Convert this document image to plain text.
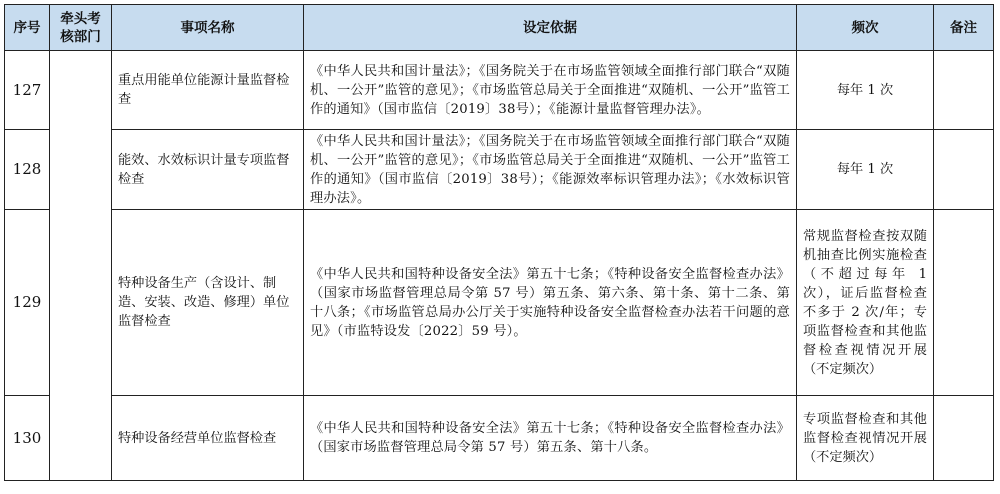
序号	牵头考核部门	事项名称	设定依据	频次	备注
127		重点用能单位能源计量监督检查	《中华人民共和国计量法》；《国务院关于在市场监管领域全面推行部门联合“双随机、一公开”监管的意见》；《市场监管总局关于全面推进“双随机、一公开”监管工作的通知》（国市监信〔2019〕38号）；《能源计量监督管理办法》。	每年 1 次	
128		能效、水效标识计量专项监督检查	《中华人民共和国计量法》；《国务院关于在市场监管领域全面推行部门联合“双随机、一公开”监管的意见》；《市场监管总局关于全面推进“双随机、一公开”监管工作的通知》（国市监信〔2019〕38号）；《能源效率标识管理办法》；《水效标识管理办法》。	每年 1 次	
129		特种设备生产（含设计、制造、安装、改造、修理）单位监督检查	《中华人民共和国特种设备安全法》第五十七条；《特种设备安全监督检查办法》（国家市场监督管理总局令第 57 号）第五条、第六条、第十条、第十二条、第十八条；《市场监管总局办公厅关于实施特种设备安全监督检查办法若干问题的意见》（市监特设发〔2022〕59 号）。	常规监督检查按双随机抽查比例实施检查（不超过每年 1 次），证后监督检查不多于 2 次/年；专项监督检查和其他监督检查视情况开展（不定频次）	
130		特种设备经营单位监督检查	《中华人民共和国特种设备安全法》第五十七条；《特种设备安全监督检查办法》（国家市场监督管理总局令第 57 号）第五条、第十八条。	专项监督检查和其他监督检查视情况开展（不定频次）	
